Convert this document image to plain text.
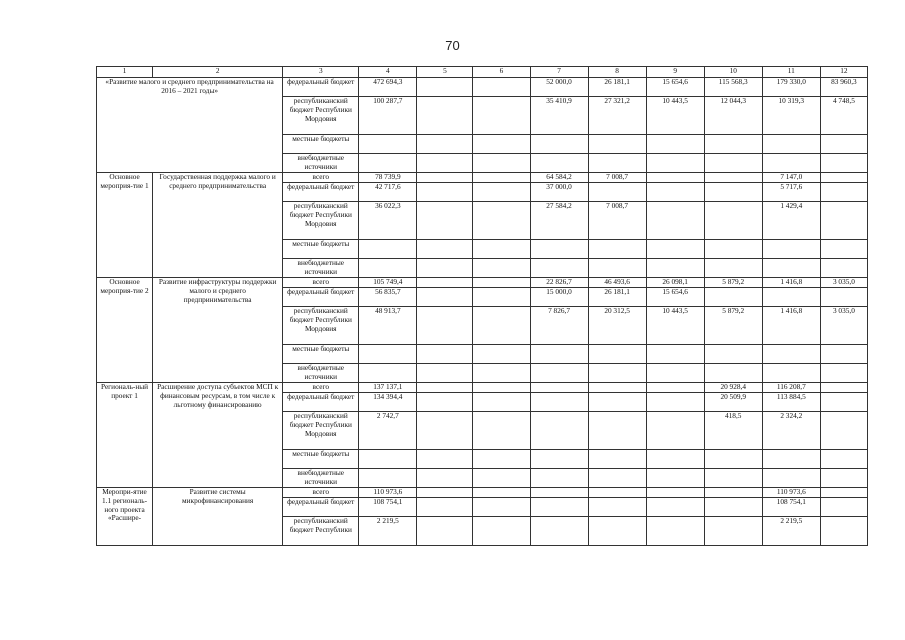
70
1	2	3	4	5	6	7	8	9	10	11	12
«Развитие малого и среднего предпринимательства на 2016 – 2021 годы»		федеральный бюджет	472 694,3			52 000,0	26 181,1	15 654,6	115 568,3	179 330,0	83 960,3
		республиканский бюджет Республики Мордовия	100 287,7			35 410,9	27 321,2	10 443,5	12 044,3	10 319,3	4 748,5
		местные бюджеты									
		внебюджетные источники									
Основное мероприя-тие 1	Государственная поддержка малого и среднего предпринимательства	всего	78 739,9			64 584,2	7 008,7			7 147,0	
		федеральный бюджет	42 717,6			37 000,0				5 717,6	
		республиканский бюджет Республики Мордовия	36 022,3			27 584,2	7 008,7			1 429,4	
		местные бюджеты									
		внебюджетные источники									
Основное мероприя-тие 2	Развитие инфраструктуры поддержки малого и среднего предпринимательства	всего	105 749,4			22 826,7	46 493,6	26 098,1	5 879,2	1 416,8	3 035,0
		федеральный бюджет	56 835,7			15 000,0	26 181,1	15 654,6			
		республиканский бюджет Республики Мордовия	48 913,7			7 826,7	20 312,5	10 443,5	5 879,2	1 416,8	3 035,0
		местные бюджеты									
		внебюджетные источники									
Региональ-ный проект 1	Расширение доступа субъектов МСП к финансовым ресурсам, в том числе к льготному финансированию	всего	137 137,1						20 928,4	116 208,7	
		федеральный бюджет	134 394,4						20 509,9	113 884,5	
		республиканский бюджет Республики Мордовия	2 742,7						418,5	2 324,2	
		местные бюджеты									
		внебюджетные источники									
Меропри-ятие 1.1 региональ-ного проекта «Расшире-	Развитие системы микрофинансирования	всего	110 973,6							110 973,6	
		федеральный бюджет	108 754,1							108 754,1	
		республиканский бюджет Республики	2 219,5							2 219,5	
